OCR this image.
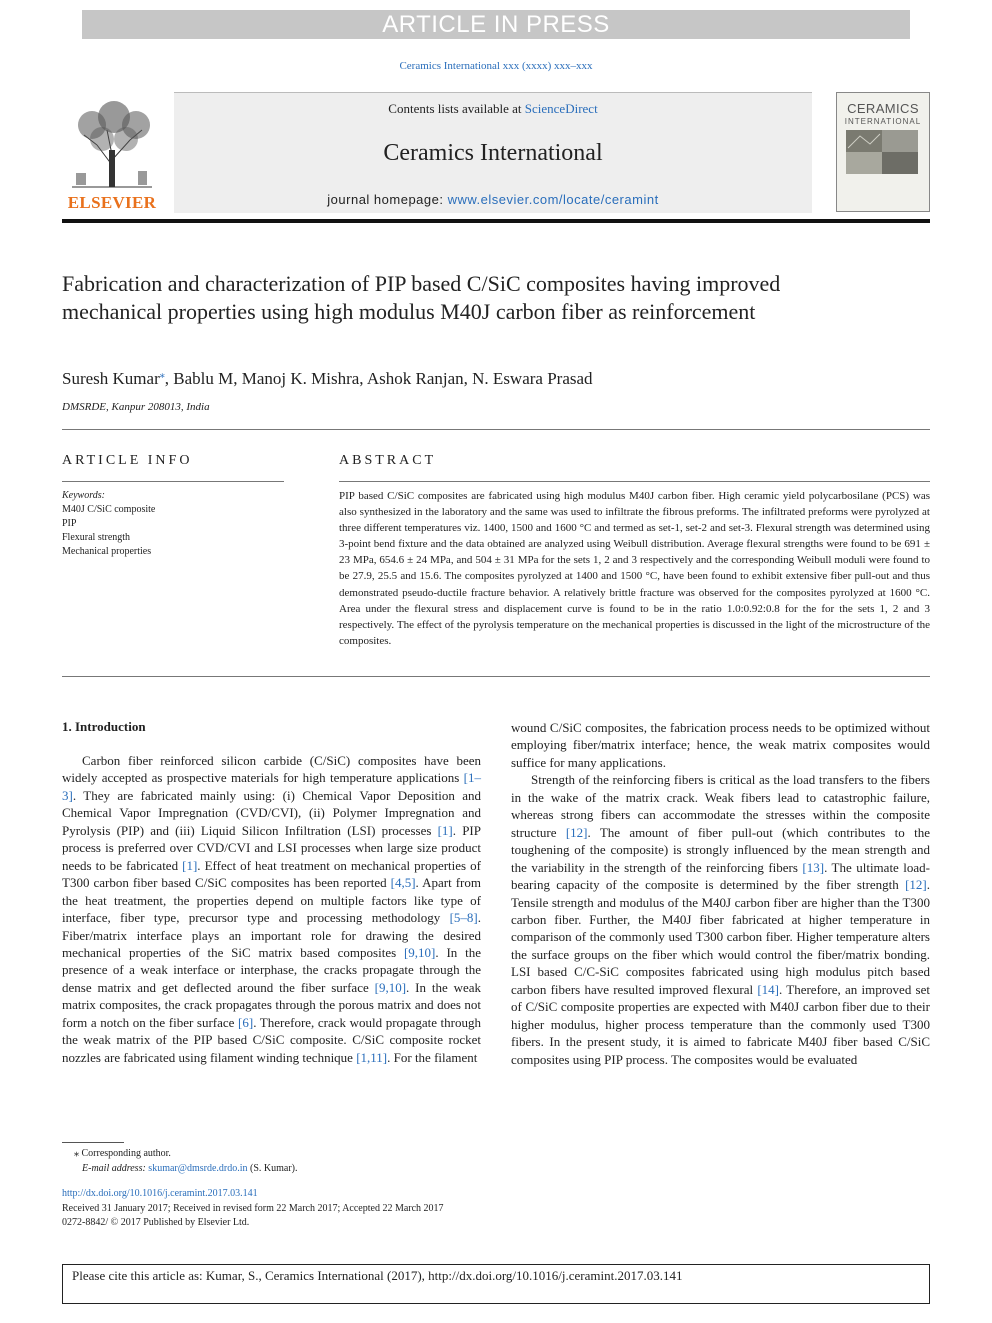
ARTICLE IN PRESS
Ceramics International xxx (xxxx) xxx–xxx
ELSEVIER
Contents lists available at ScienceDirect
Ceramics International
journal homepage: www.elsevier.com/locate/ceramint
CERAMICS
INTERNATIONAL
Fabrication and characterization of PIP based C/SiC composites having improved mechanical properties using high modulus M40J carbon fiber as reinforcement
Suresh Kumar⁎, Bablu M, Manoj K. Mishra, Ashok Ranjan, N. Eswara Prasad
DMSRDE, Kanpur 208013, India
ARTICLE INFO
Keywords:
M40J C/SiC composite
PIP
Flexural strength
Mechanical properties
ABSTRACT
PIP based C/SiC composites are fabricated using high modulus M40J carbon fiber. High ceramic yield polycarbosilane (PCS) was also synthesized in the laboratory and the same was used to infiltrate the fibrous preforms. The infiltrated preforms were pyrolyzed at three different temperatures viz. 1400, 1500 and 1600 °C and termed as set-1, set-2 and set-3. Flexural strength was determined using 3-point bend fixture and the data obtained are analyzed using Weibull distribution. Average flexural strengths were found to be 691 ± 23 MPa, 654.6 ± 24 MPa, and 504 ± 31 MPa for the sets 1, 2 and 3 respectively and the corresponding Weibull moduli were found to be 27.9, 25.5 and 15.6. The composites pyrolyzed at 1400 and 1500 °C, have been found to exhibit extensive fiber pull-out and thus demonstrated pseudo-ductile fracture behavior. A relatively brittle fracture was observed for the composites pyrolyzed at 1600 °C. Area under the flexural stress and displacement curve is found to be in the ratio 1.0:0.92:0.8 for the for the sets 1, 2 and 3 respectively. The effect of the pyrolysis temperature on the mechanical properties is discussed in the light of the microstructure of the composites.
1. Introduction

Carbon fiber reinforced silicon carbide (C/SiC) composites have been widely accepted as prospective materials for high temperature applications [1–3]. They are fabricated mainly using: (i) Chemical Vapor Deposition and Chemical Vapor Impregnation (CVD/CVI), (ii) Polymer Impregnation and Pyrolysis (PIP) and (iii) Liquid Silicon Infiltration (LSI) processes [1]. PIP process is preferred over CVD/CVI and LSI processes when large size product needs to be fabricated [1]. Effect of heat treatment on mechanical properties of T300 carbon fiber based C/SiC composites has been reported [4,5]. Apart from the heat treatment, the properties depend on multiple factors like type of interface, fiber type, precursor type and processing methodology [5–8]. Fiber/matrix interface plays an important role for drawing the desired mechanical properties of the SiC matrix based composites [9,10]. In the presence of a weak interface or interphase, the cracks propagate through the dense matrix and get deflected around the fiber surface [9,10]. In the weak matrix composites, the crack propagates through the porous matrix and does not form a notch on the fiber surface [6]. Therefore, crack would propagate through the weak matrix of the PIP based C/SiC composite. C/SiC composite rocket nozzles are fabricated using filament winding technique [1,11]. For the filament

wound C/SiC composites, the fabrication process needs to be optimized without employing fiber/matrix interface; hence, the weak matrix composites would suffice for many applications.

Strength of the reinforcing fibers is critical as the load transfers to the fibers in the wake of the matrix crack. Weak fibers lead to catastrophic failure, whereas strong fibers can accommodate the stresses within the composite structure [12]. The amount of fiber pull-out (which contributes to the toughening of the composite) is strongly influenced by the mean strength and the variability in the strength of the reinforcing fibers [13]. The ultimate load-bearing capacity of the composite is determined by the fiber strength [12]. Tensile strength and modulus of the M40J carbon fiber are higher than the T300 carbon fiber. Further, the M40J fiber fabricated at higher temperature in comparison of the commonly used T300 carbon fiber. Higher temperature alters the surface groups on the fiber which would control the fiber/matrix bonding. LSI based C/C-SiC composites fabricated using high modulus pitch based carbon fibers have resulted improved flexural [14]. Therefore, an improved set of C/SiC composite properties are expected with M40J carbon fiber due to their higher modulus, higher process temperature than the commonly used T300 fibers. In the present study, it is aimed to fabricate M40J fiber based C/SiC composites using PIP process. The composites would be evaluated

⁎ Corresponding author.
E-mail address: skumar@dmsrde.drdo.in (S. Kumar).
http://dx.doi.org/10.1016/j.ceramint.2017.03.141
Received 31 January 2017; Received in revised form 22 March 2017; Accepted 22 March 2017
0272-8842/ © 2017 Published by Elsevier Ltd.
Please cite this article as: Kumar, S., Ceramics International (2017), http://dx.doi.org/10.1016/j.ceramint.2017.03.141
